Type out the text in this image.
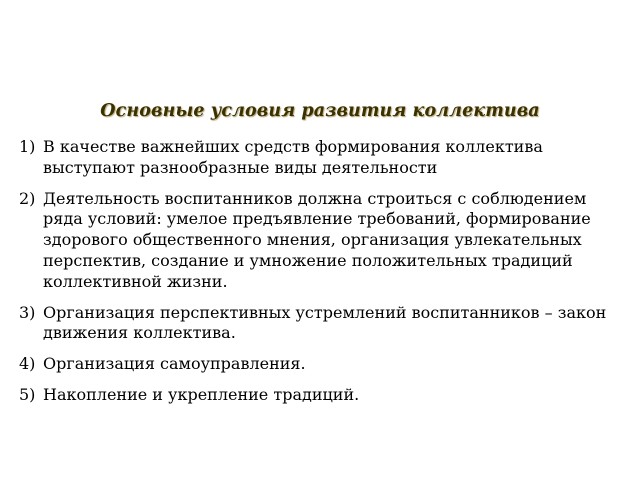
Основные условия развития коллектива
1) В качестве важнейших средств формирования коллектива выступают разнообразные виды деятельности
2) Деятельность воспитанников должна строиться с соблюдением ряда условий: умелое предъявление требований, формирование здорового общественного мнения, организация увлекательных перспектив, создание и умножение положительных традиций коллективной жизни.
3) Организация перспективных устремлений воспитанников – закон движения коллектива.
4) Организация самоуправления.
5) Накопление и укрепление традиций.
